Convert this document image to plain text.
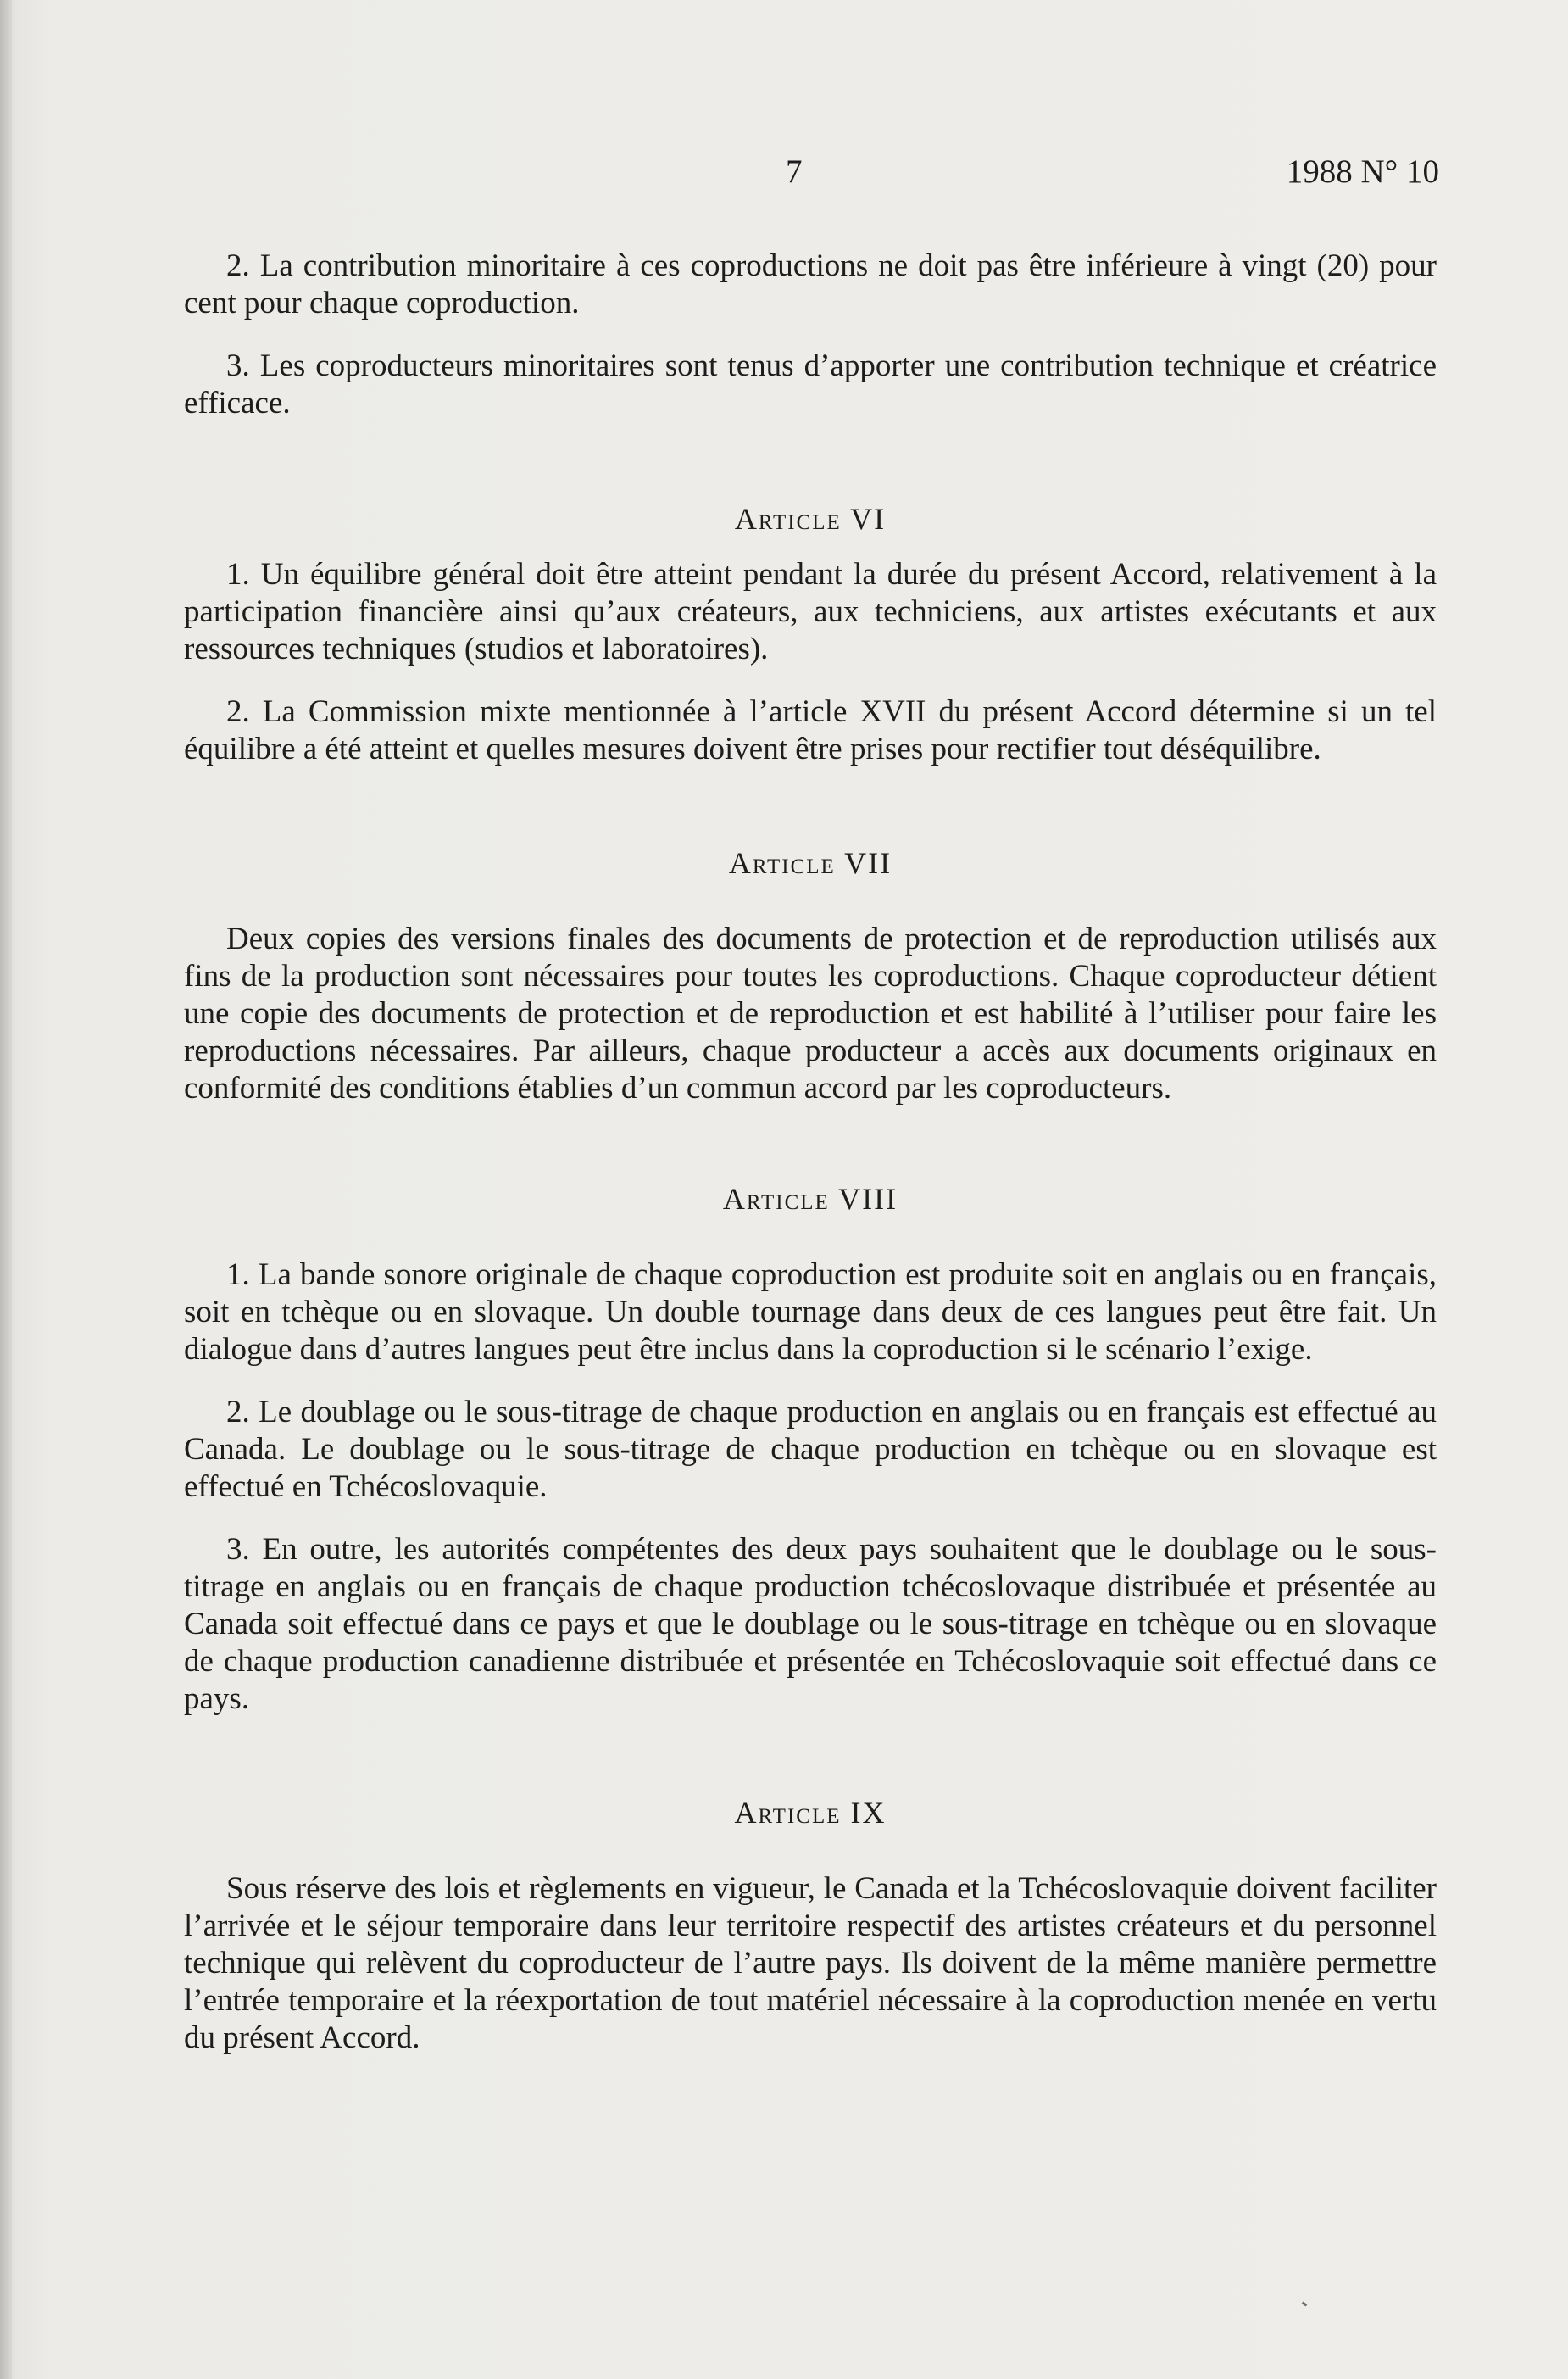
7	1988 N° 10

2. La contribution minoritaire à ces coproductions ne doit pas être inférieure à vingt (20) pour cent pour chaque coproduction.

3. Les coproducteurs minoritaires sont tenus d’apporter une contribution technique et créatrice efficace.

Article VI

1. Un équilibre général doit être atteint pendant la durée du présent Accord, relativement à la participation financière ainsi qu’aux créateurs, aux techniciens, aux artistes exécutants et aux ressources techniques (studios et laboratoires).

2. La Commission mixte mentionnée à l’article XVII du présent Accord détermine si un tel équilibre a été atteint et quelles mesures doivent être prises pour rectifier tout déséquilibre.

Article VII

Deux copies des versions finales des documents de protection et de reproduction utilisés aux fins de la production sont nécessaires pour toutes les coproductions. Chaque coproducteur détient une copie des documents de protection et de reproduction et est habilité à l’utiliser pour faire les reproductions nécessaires. Par ailleurs, chaque producteur a accès aux documents originaux en conformité des conditions établies d’un commun accord par les coproducteurs.

Article VIII

1. La bande sonore originale de chaque coproduction est produite soit en anglais ou en français, soit en tchèque ou en slovaque. Un double tournage dans deux de ces langues peut être fait. Un dialogue dans d’autres langues peut être inclus dans la coproduction si le scénario l’exige.

2. Le doublage ou le sous-titrage de chaque production en anglais ou en français est effectué au Canada. Le doublage ou le sous-titrage de chaque production en tchèque ou en slovaque est effectué en Tchécoslovaquie.

3. En outre, les autorités compétentes des deux pays souhaitent que le doublage ou le sous-titrage en anglais ou en français de chaque production tchécoslovaque distribuée et présentée au Canada soit effectué dans ce pays et que le doublage ou le sous-titrage en tchèque ou en slovaque de chaque production canadienne distribuée et présentée en Tchécoslovaquie soit effectué dans ce pays.

Article IX

Sous réserve des lois et règlements en vigueur, le Canada et la Tchécoslovaquie doivent faciliter l’arrivée et le séjour temporaire dans leur territoire respectif des artistes créateurs et du personnel technique qui relèvent du coproducteur de l’autre pays. Ils doivent de la même manière permettre l’entrée temporaire et la réexportation de tout matériel nécessaire à la coproduction menée en vertu du présent Accord.
